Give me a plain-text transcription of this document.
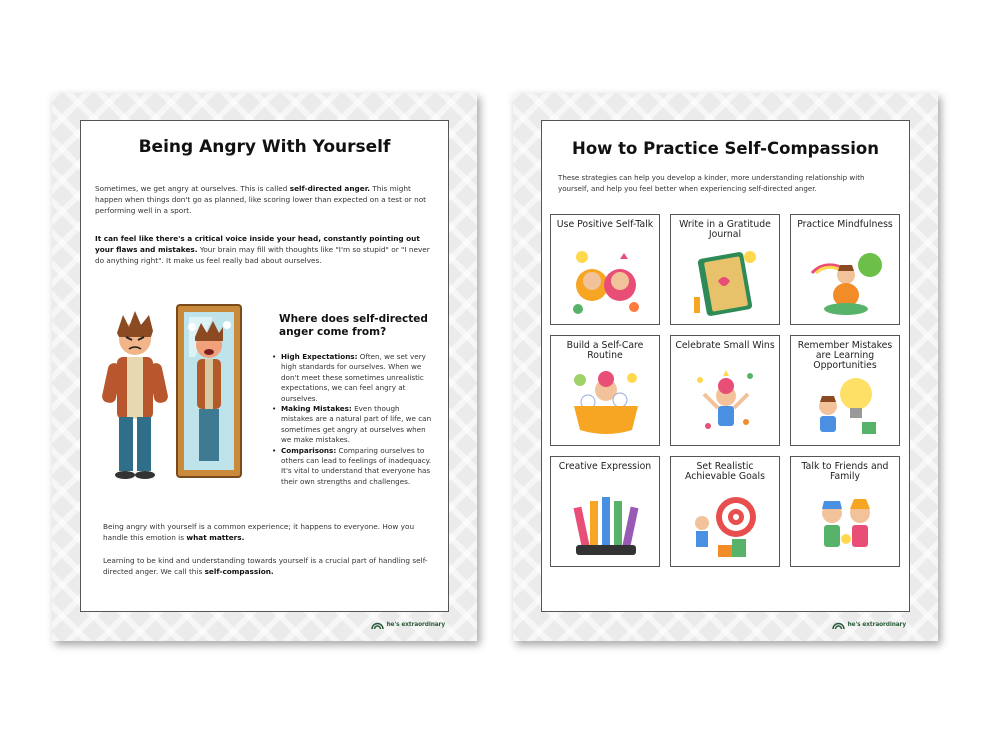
Being Angry With Yourself

Sometimes, we get angry at ourselves. This is called self-directed anger. This might happen when things don't go as planned, like scoring lower than expected on a test or not performing well in a sport.

It can feel like there's a critical voice inside your head, constantly pointing out your flaws and mistakes. Your brain may fill with thoughts like "I'm so stupid" or "I never do anything right". It make us feel really bad about ourselves.

Where does self-directed anger come from?
• High Expectations: Often, we set very high standards for ourselves. When we don't meet these sometimes unrealistic expectations, we can feel angry at ourselves.
• Making Mistakes: Even though mistakes are a natural part of life, we can sometimes get angry at ourselves when we make mistakes.
• Comparisons: Comparing ourselves to others can lead to feelings of inadequacy. It's vital to understand that everyone has their own strengths and challenges.

Being angry with yourself is a common experience; it happens to everyone. How you handle this emotion is what matters.

Learning to be kind and understanding towards yourself is a crucial part of handling self-directed anger. We call this self-compassion.

he's extraordinary
How to Practice Self-Compassion

These strategies can help you develop a kinder, more understanding relationship with yourself, and help you feel better when experiencing self-directed anger.

Use Positive Self-Talk	Write in a Gratitude Journal
Practice Mindfulness
Build a Self-Care Routine
Celebrate Small Wins	Remember Mistakes are Learning Opportunities
Creative Expression	Set Realistic Achievable Goals
Talk to Friends and Family
he's extraordinary
